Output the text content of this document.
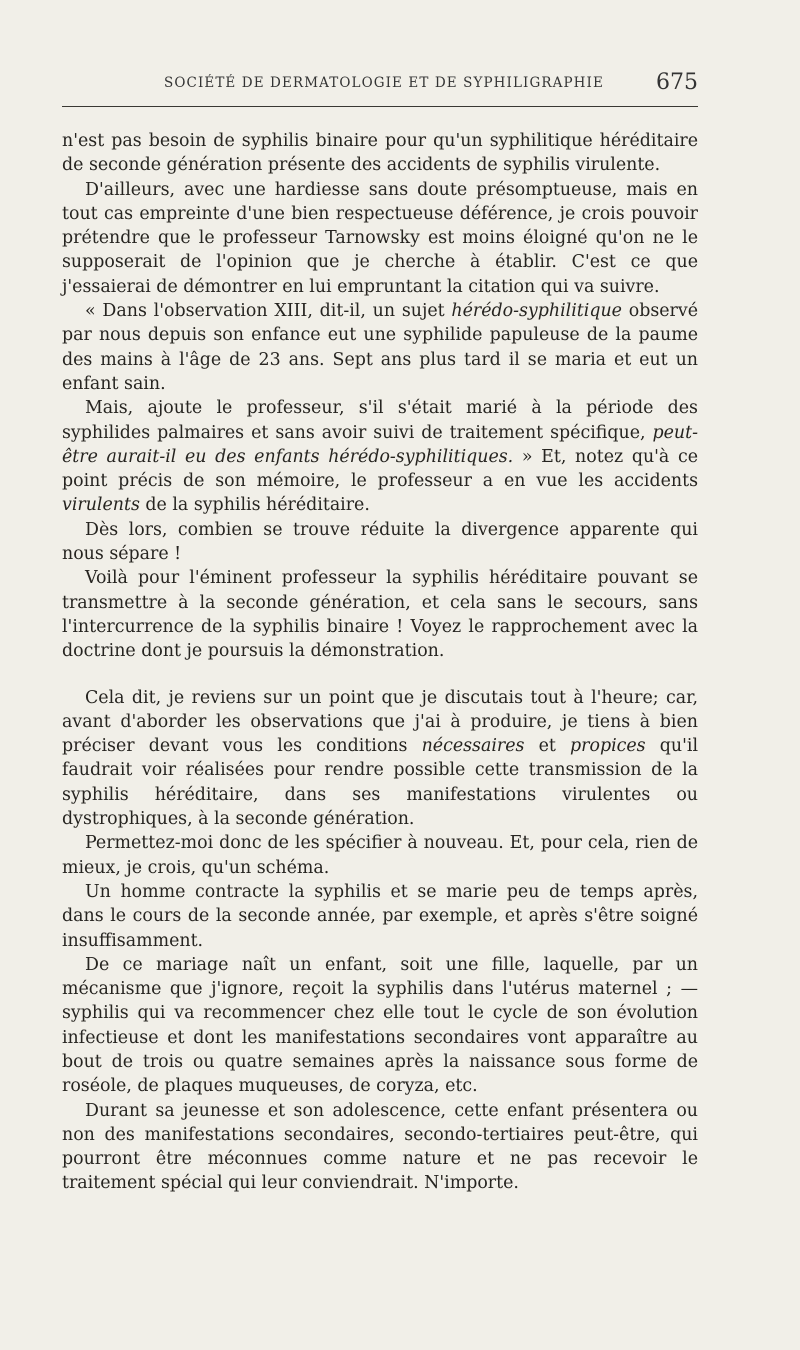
SOCIÉTÉ DE DERMATOLOGIE ET DE SYPHILIGRAPHIE 675

n'est pas besoin de syphilis binaire pour qu'un syphilitique héréditaire de seconde génération présente des accidents de syphilis virulente.

D'ailleurs, avec une hardiesse sans doute présomptueuse, mais en tout cas empreinte d'une bien respectueuse déférence, je crois pouvoir prétendre que le professeur Tarnowsky est moins éloigné qu'on ne le supposerait de l'opinion que je cherche à établir. C'est ce que j'essaierai de démontrer en lui empruntant la citation qui va suivre.

« Dans l'observation XIII, dit-il, un sujet hérédo-syphilitique observé par nous depuis son enfance eut une syphilide papuleuse de la paume des mains à l'âge de 23 ans. Sept ans plus tard il se maria et eut un enfant sain.

Mais, ajoute le professeur, s'il s'était marié à la période des syphilides palmaires et sans avoir suivi de traitement spécifique, peut-être aurait-il eu des enfants hérédo-syphilitiques. » Et, notez qu'à ce point précis de son mémoire, le professeur a en vue les accidents virulents de la syphilis héréditaire.

Dès lors, combien se trouve réduite la divergence apparente qui nous sépare !

Voilà pour l'éminent professeur la syphilis héréditaire pouvant se transmettre à la seconde génération, et cela sans le secours, sans l'intercurrence de la syphilis binaire ! Voyez le rapprochement avec la doctrine dont je poursuis la démonstration.

Cela dit, je reviens sur un point que je discutais tout à l'heure; car, avant d'aborder les observations que j'ai à produire, je tiens à bien préciser devant vous les conditions nécessaires et propices qu'il faudrait voir réalisées pour rendre possible cette transmission de la syphilis héréditaire, dans ses manifestations virulentes ou dystrophiques, à la seconde génération.

Permettez-moi donc de les spécifier à nouveau. Et, pour cela, rien de mieux, je crois, qu'un schéma.

Un homme contracte la syphilis et se marie peu de temps après, dans le cours de la seconde année, par exemple, et après s'être soigné insuffisamment.

De ce mariage naît un enfant, soit une fille, laquelle, par un mécanisme que j'ignore, reçoit la syphilis dans l'utérus maternel ; — syphilis qui va recommencer chez elle tout le cycle de son évolution infectieuse et dont les manifestations secondaires vont apparaître au bout de trois ou quatre semaines après la naissance sous forme de roséole, de plaques muqueuses, de coryza, etc.

Durant sa jeunesse et son adolescence, cette enfant présentera ou non des manifestations secondaires, secondo-tertiaires peut-être, qui pourront être méconnues comme nature et ne pas recevoir le traitement spécial qui leur conviendrait. N'importe.
